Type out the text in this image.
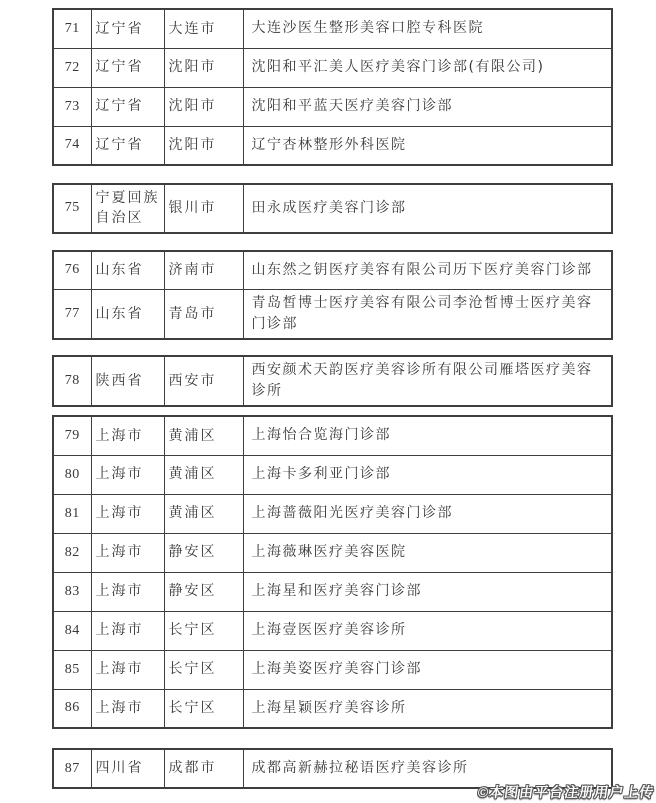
71	辽宁省	大连市	大连沙医生整形美容口腔专科医院
72	辽宁省	沈阳市	沈阳和平汇美人医疗美容门诊部(有限公司)
73	辽宁省	沈阳市	沈阳和平蓝天医疗美容门诊部
74	辽宁省	沈阳市	辽宁杏林整形外科医院
75	宁夏回族自治区	银川市	田永成医疗美容门诊部
76	山东省	济南市	山东然之钥医疗美容有限公司历下医疗美容门诊部
77	山东省	青岛市	青岛皙博士医疗美容有限公司李沧皙博士医疗美容门诊部
78	陕西省	西安市	西安颜术天韵医疗美容诊所有限公司雁塔医疗美容诊所
79	上海市	黄浦区	上海怡合览海门诊部
80	上海市	黄浦区	上海卡多利亚门诊部
81	上海市	黄浦区	上海蔷薇阳光医疗美容门诊部
82	上海市	静安区	上海薇琳医疗美容医院
83	上海市	静安区	上海星和医疗美容门诊部
84	上海市	长宁区	上海壹医医疗美容诊所
85	上海市	长宁区	上海美姿医疗美容门诊部
86	上海市	长宁区	上海星颖医疗美容诊所
87	四川省	成都市	成都高新赫拉秘语医疗美容诊所
©本图由平台注册用户上传
